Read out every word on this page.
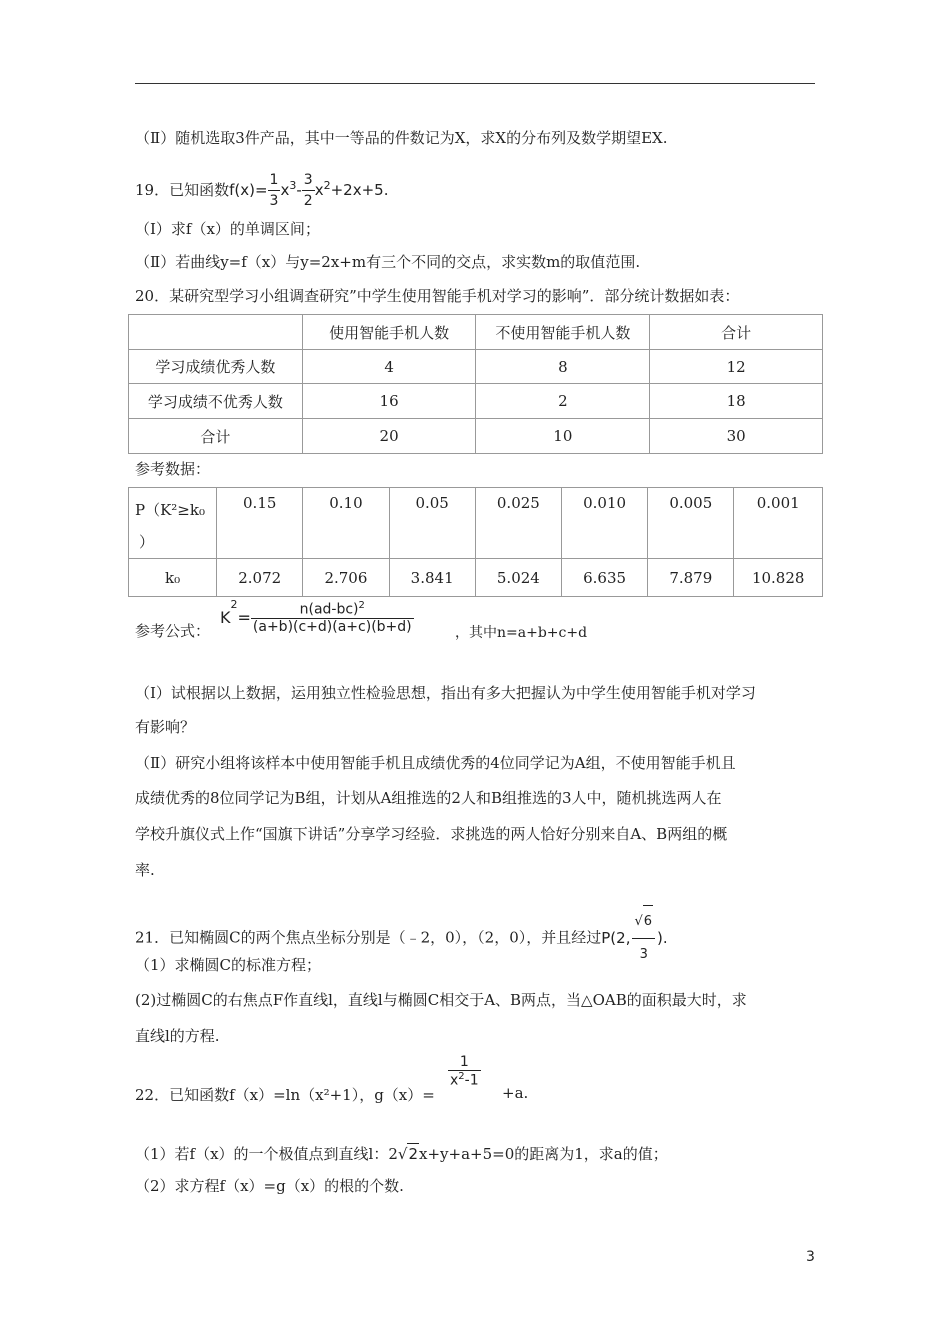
（Ⅱ）随机选取3件产品，其中一等品的件数记为X，求X的分布列及数学期望EX.
19．已知函数$f(x)= \frac{1}{3} x^3- \frac{3}{2} x^2+2x+5$.
（Ⅰ）求f（x）的单调区间；
（Ⅱ）若曲线y=f（x）与y=2x+m有三个不同的交点，求实数m的取值范围.
20．某研究型学习小组调查研究”中学生使用智能手机对学习的影响”．部分统计数据如表：
	使用智能手机人数	不使用智能手机人数	合计
学习成绩优秀人数	4	8	12
学习成绩不优秀人数	16	2	18
合计	20	10	30
参考数据：
P（K²≥k₀
）	0.15	0.10	0.05	0.025	0.010	0.005	0.001
k₀	2.072	2.706	3.841	5.024	6.635	7.879	10.828
参考公式：
$K^2= \frac{n(ad-bc)^2}{(a+b)(c+d)(a+c)(b+d)}$	，其中n=a+b+c+d
（Ⅰ）试根据以上数据，运用独立性检验思想，指出有多大把握认为中学生使用智能手机对学习
有影响？
（Ⅱ）研究小组将该样本中使用智能手机且成绩优秀的4位同学记为A组，不使用智能手机且
成绩优秀的8位同学记为B组，计划从A组推选的2人和B组推选的3人中，随机挑选两人在
学校升旗仪式上作“国旗下讲话”分享学习经验．求挑选的两人恰好分别来自A、B两组的概
率.
21．已知椭圆C的两个焦点坐标分别是（﹣2，0），（2，0），并且经过P(2, $\frac{√6}{3}$ ).
（1）求椭圆C的标准方程；
(2)过椭圆C的右焦点F作直线l，直线l与椭圆C相交于A、B两点，当△OAB的面积最大时，求
直线l的方程.
22．已知函数f（x）=ln（x²+1），g（x）=
$\frac{1}{x^2-1}$
+a.
（1）若f（x）的一个极值点到直线l：2√2x+y+a+5=0的距离为1，求a的值；
（2）求方程f（x）=g（x）的根的个数.
3
